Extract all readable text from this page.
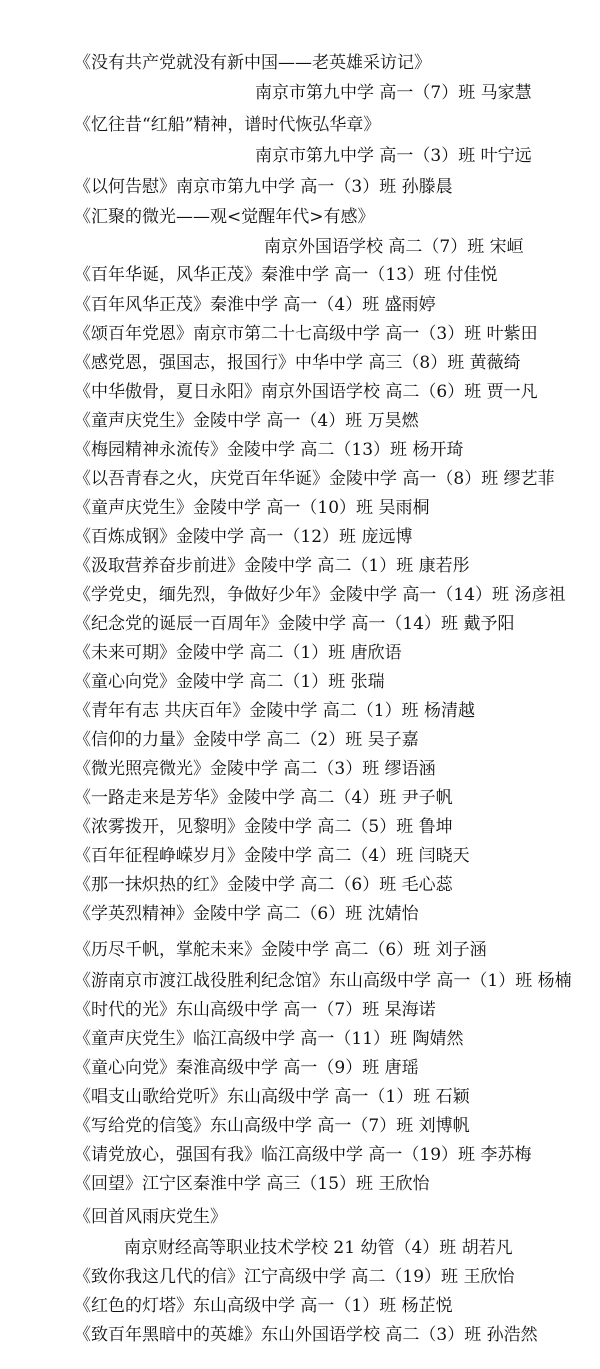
《没有共产党就没有新中国——老英雄采访记》
南京市第九中学 高一（7）班 马家慧
《忆往昔“红船”精神，谱时代恢弘华章》
南京市第九中学 高一（3）班 叶宁远
《以何告慰》南京市第九中学 高一（3）班 孙滕晨
《汇聚的微光——观<觉醒年代>有感》
南京外国语学校 高二（7）班 宋峘
《百年华诞，风华正茂》秦淮中学 高一（13）班 付佳悦
《百年风华正茂》秦淮中学 高一（4）班 盛雨婷
《颂百年党恩》南京市第二十七高级中学 高一（3）班 叶紫田
《感党恩，强国志，报国行》中华中学 高三（8）班 黄薇绮
《中华傲骨，夏日永阳》南京外国语学校 高二（6）班 贾一凡
《童声庆党生》金陵中学 高一（4）班 万昊燃
《梅园精神永流传》金陵中学 高二（13）班 杨开琦
《以吾青春之火，庆党百年华诞》金陵中学 高一（8）班 缪艺菲
《童声庆党生》金陵中学 高一（10）班 吴雨桐
《百炼成钢》金陵中学 高一（12）班 庞远博
《汲取营养奋步前进》金陵中学 高二（1）班 康若彤
《学党史，缅先烈，争做好少年》金陵中学 高一（14）班 汤彦祖
《纪念党的诞辰一百周年》金陵中学 高一（14）班 戴予阳
《未来可期》金陵中学 高二（1）班 唐欣语
《童心向党》金陵中学 高二（1）班 张瑞
《青年有志 共庆百年》金陵中学 高二（1）班 杨清越
《信仰的力量》金陵中学 高二（2）班 吴子嘉
《微光照亮微光》金陵中学 高二（3）班 缪语涵
《一路走来是芳华》金陵中学 高二（4）班 尹子帆
《浓雾拨开，见黎明》金陵中学 高二（5）班 鲁坤
《百年征程峥嵘岁月》金陵中学 高二（4）班 闫晓天
《那一抹炽热的红》金陵中学 高二（6）班 毛心蕊
《学英烈精神》金陵中学 高二（6）班 沈婧怡
《历尽千帆，掌舵未来》金陵中学 高二（6）班 刘子涵
《游南京市渡江战役胜利纪念馆》东山高级中学 高一（1）班 杨楠
《时代的光》东山高级中学 高一（7）班 杲海诺
《童声庆党生》临江高级中学 高一（11）班 陶婧然
《童心向党》秦淮高级中学 高一（9）班 唐瑶
《唱支山歌给党听》东山高级中学 高一（1）班 石颖
《写给党的信笺》东山高级中学 高一（7）班 刘博帆
《请党放心，强国有我》临江高级中学 高一（19）班 李苏梅
《回望》江宁区秦淮中学 高三（15）班 王欣怡
《回首风雨庆党生》
南京财经高等职业技术学校 21 幼管（4）班 胡若凡
《致你我这几代的信》江宁高级中学 高二（19）班 王欣怡
《红色的灯塔》东山高级中学 高一（1）班 杨芷悦
《致百年黑暗中的英雄》东山外国语学校 高二（3）班 孙浩然
